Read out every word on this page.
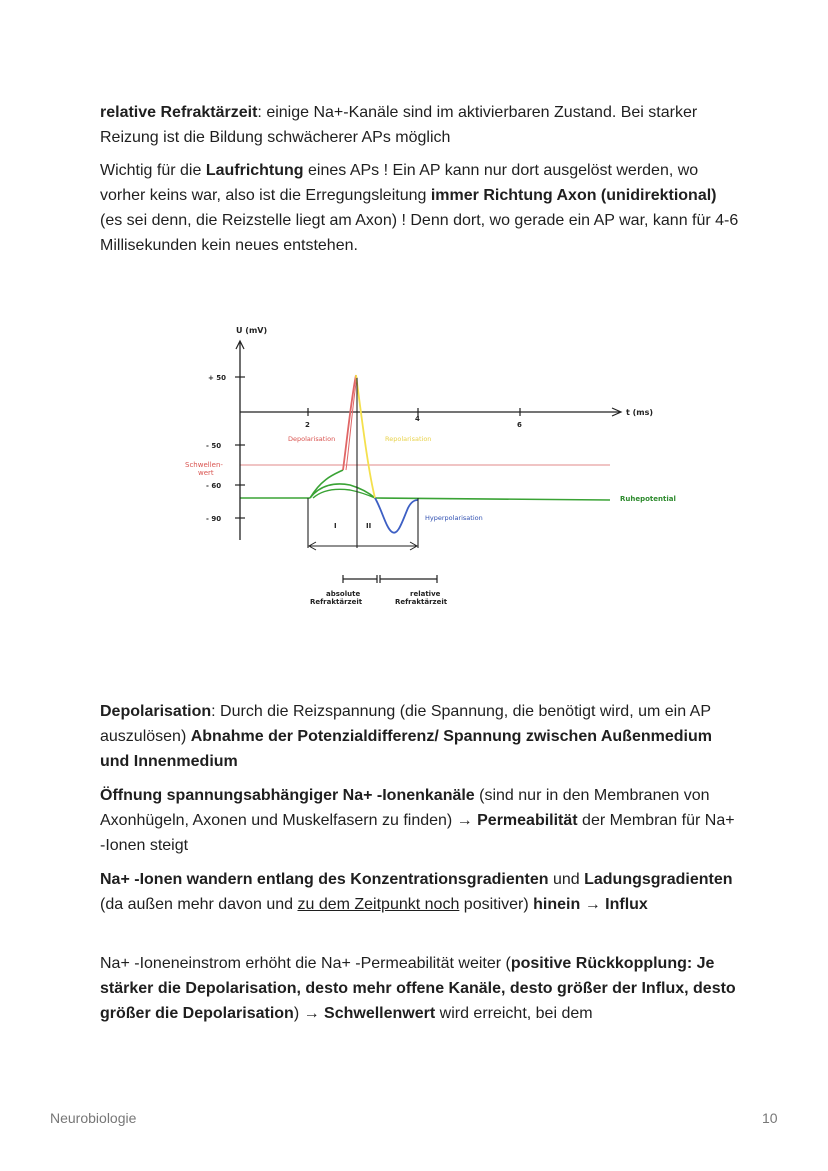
relative Refraktärzeit: einige Na+-Kanäle sind im aktivierbaren Zustand. Bei starker Reizung ist die Bildung schwächerer APs möglich

Wichtig für die Laufrichtung eines APs ! Ein AP kann nur dort ausgelöst werden, wo vorher keins war, also ist die Erregungsleitung immer Richtung Axon (unidirektional) (es sei denn, die Reizstelle liegt am Axon) ! Denn dort, wo gerade ein AP war, kann für 4-6 Millisekunden kein neues entstehen.

U (mV)
t (ms)
+ 50
- 50
- 60
- 90
2
4
6
Schwellen-
wert
Depolarisation	Repolarisation
Ruhepotential
Hyperpolarisation
I	II
absolute
Refraktärzeit
relative
Refraktärzeit

Depolarisation: Durch die Reizspannung (die Spannung, die benötigt wird, um ein AP auszulösen) Abnahme der Potenzialdifferenz/ Spannung zwischen Außenmedium und Innenmedium

Öffnung spannungsabhängiger Na+ -Ionenkanäle (sind nur in den Membranen von Axonhügeln, Axonen und Muskelfasern zu finden) → Permeabilität der Membran für Na+ -Ionen steigt

Na+ -Ionen wandern entlang des Konzentrationsgradienten und Ladungsgradienten (da außen mehr davon und zu dem Zeitpunkt noch positiver) hinein → Influx

Na+ -Ioneneinstrom erhöht die Na+ -Permeabilität weiter (positive Rückkopplung: Je stärker die Depolarisation, desto mehr offene Kanäle, desto größer der Influx, desto größer die Depolarisation) → Schwellenwert wird erreicht, bei dem

Neurobiologie	10
